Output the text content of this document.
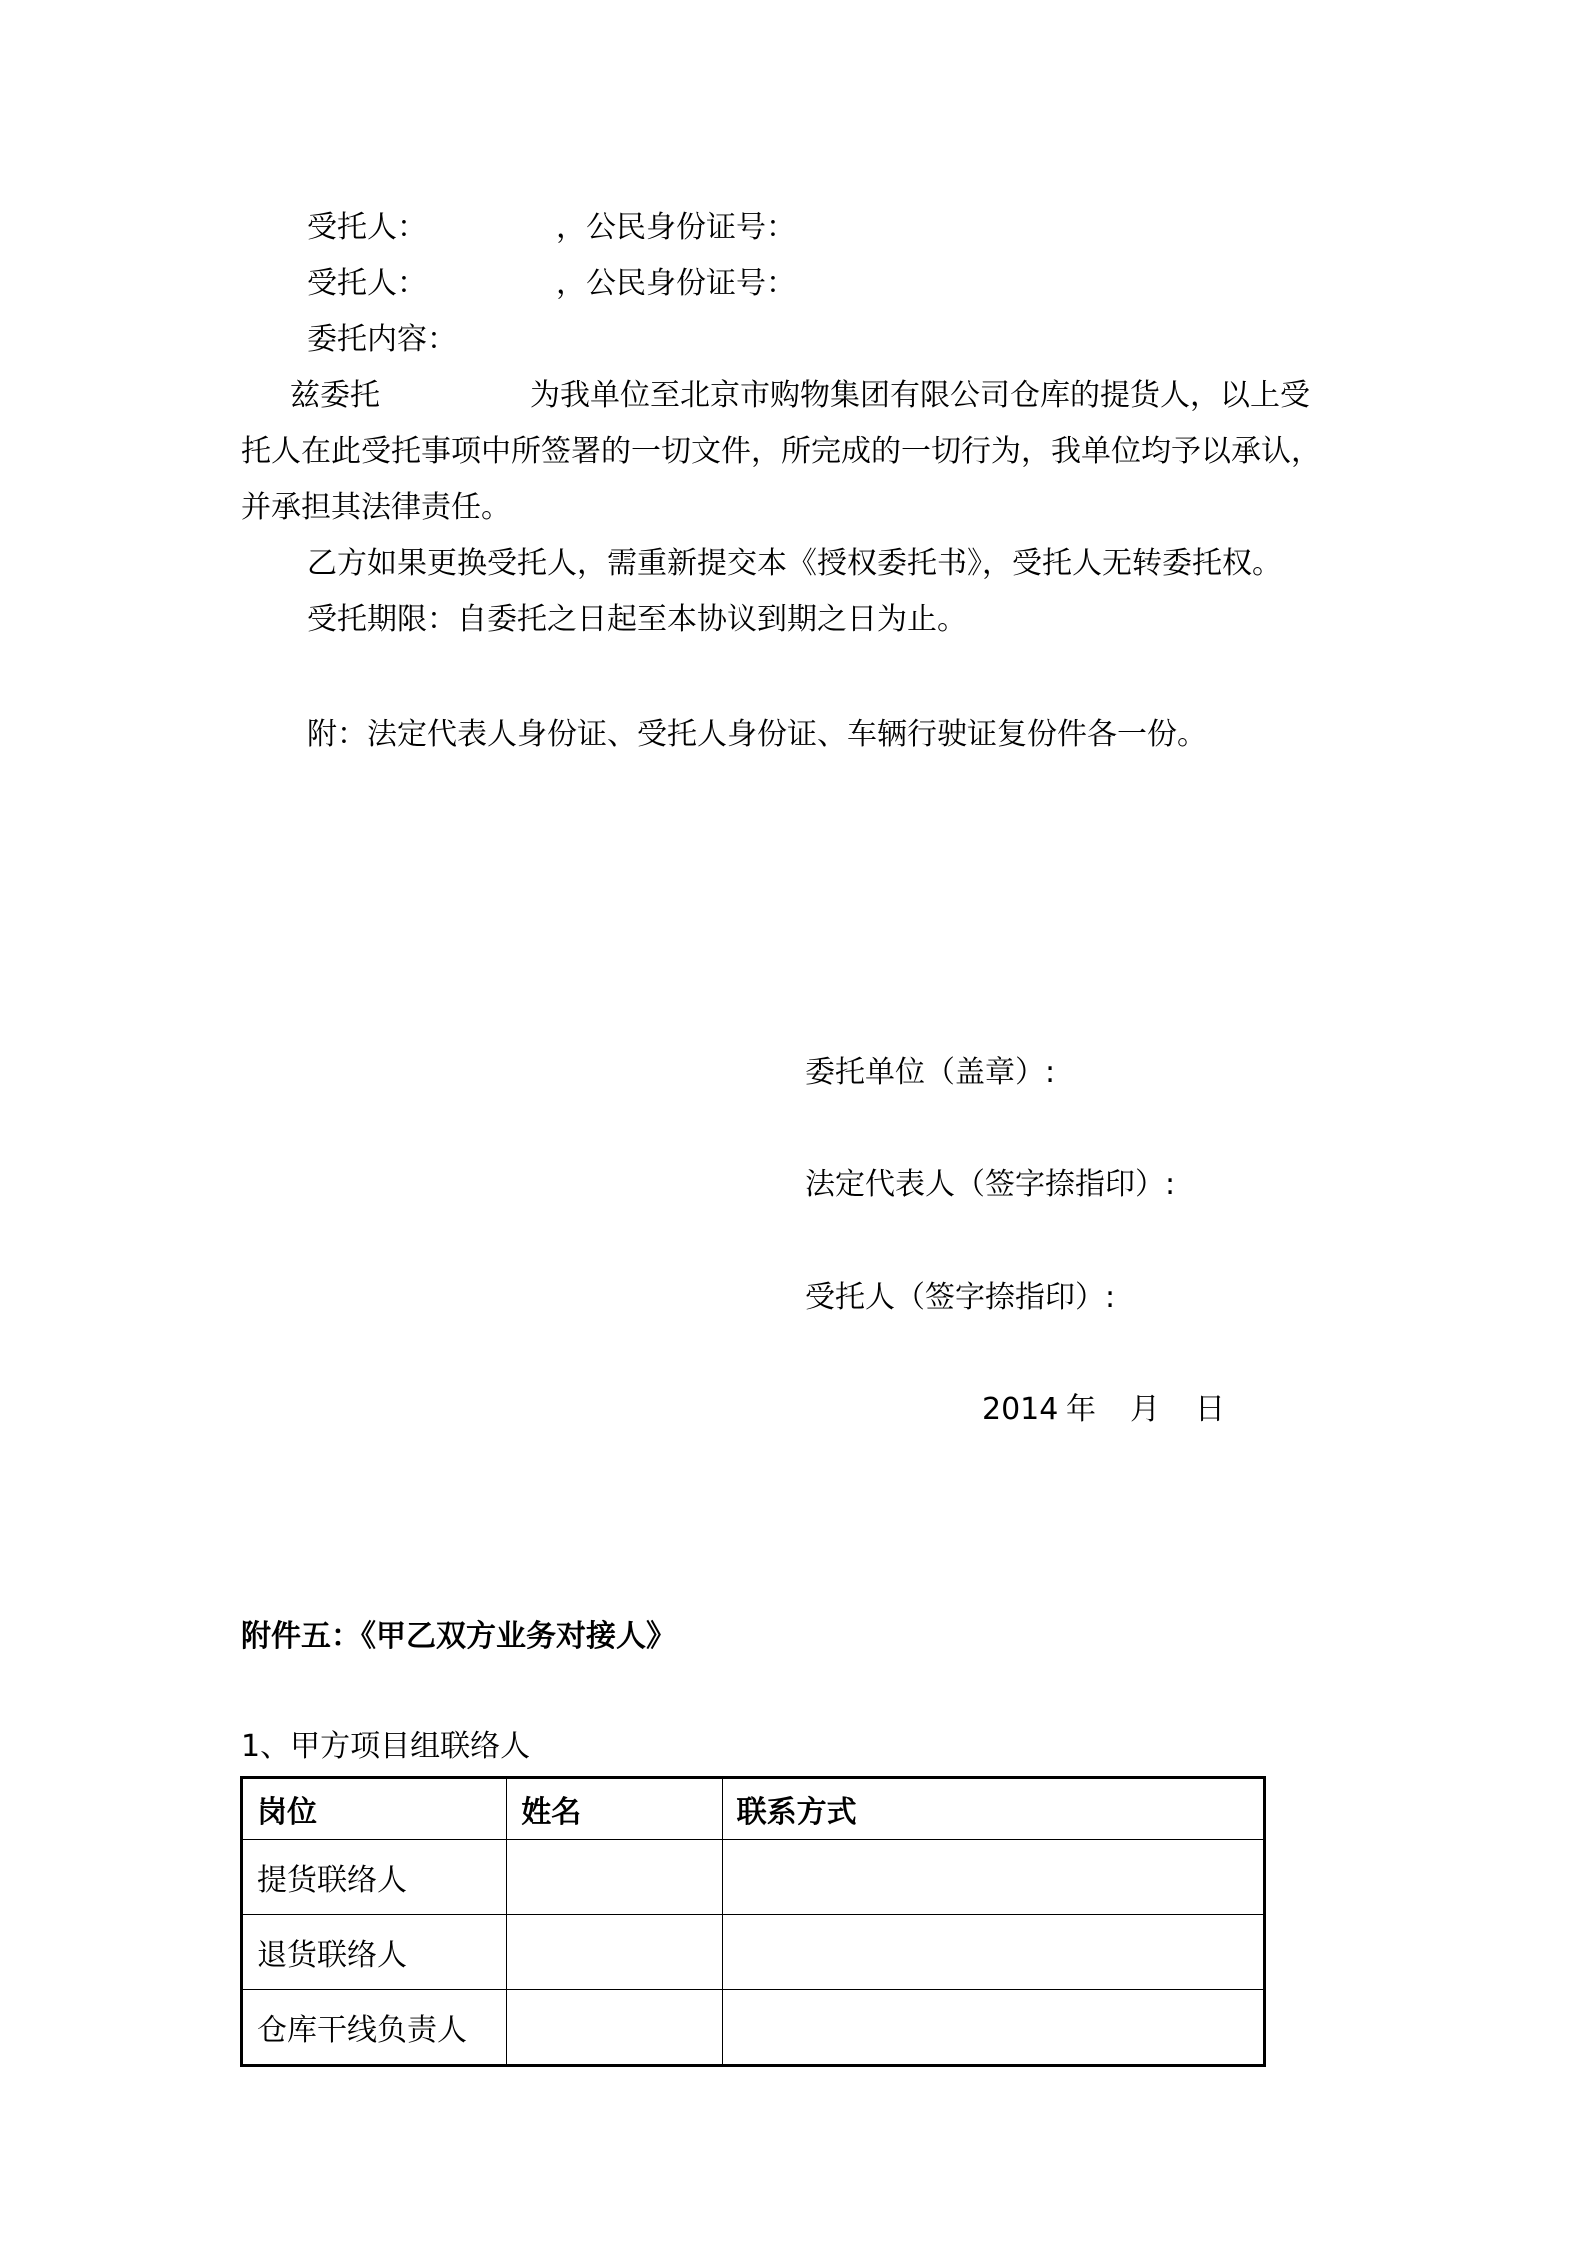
受托人：	，公民身份证号：
受托人：	，公民身份证号：
委托内容：
兹委托	为我单位至北京市购物集团有限公司仓库的提货人，以上受
托人在此受托事项中所签署的一切文件，所完成的一切行为，我单位均予以承认，
并承担其法律责任。
乙方如果更换受托人，需重新提交本《授权委托书》，受托人无转委托权。
受托期限：自委托之日起至本协议到期之日为止。
附：法定代表人身份证、受托人身份证、车辆行驶证复份件各一份。
委托单位（盖章）:
法定代表人（签字捺指印）:
受托人（签字捺指印）:
2014 年 月 日
附件五：《甲乙双方业务对接人》
1、甲方项目组联络人
岗位	姓名	联系方式
提货联络人		
退货联络人		
仓库干线负责人		
